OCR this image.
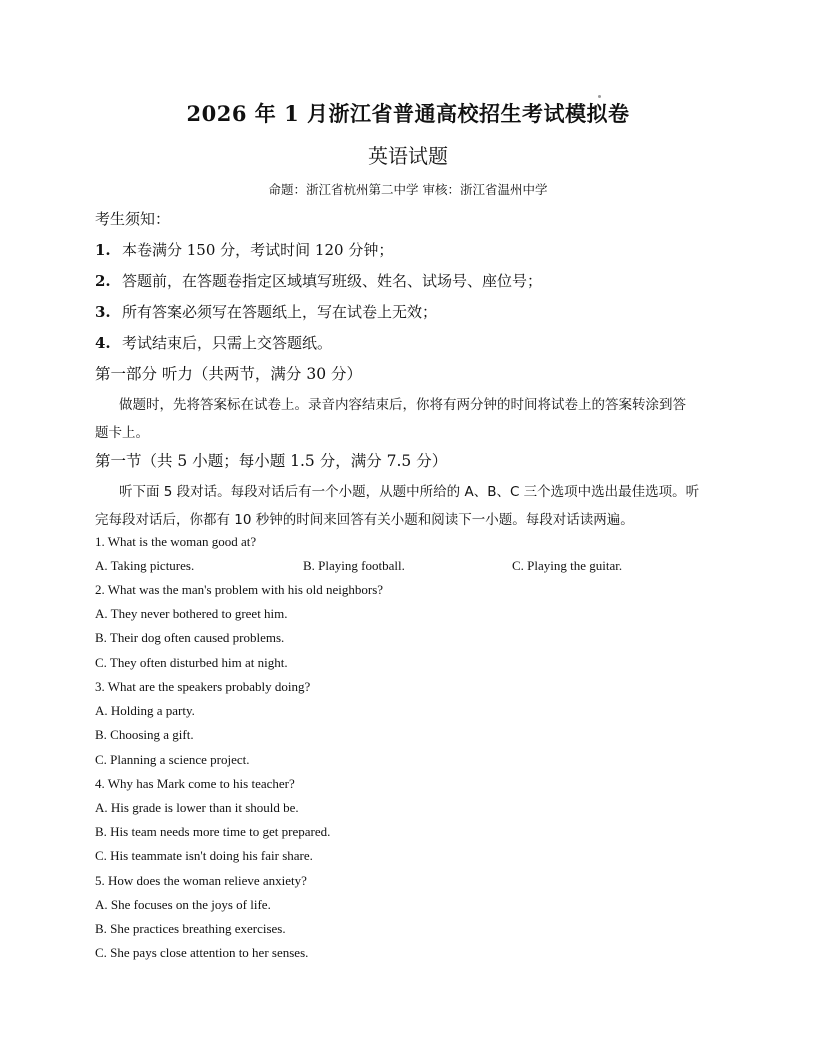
2026 年 1 月浙江省普通高校招生考试模拟卷
英语试题
命题：浙江省杭州第二中学 审核：浙江省温州中学
考生须知：
1. 本卷满分 150 分，考试时间 120 分钟；
2. 答题前，在答题卷指定区域填写班级、姓名、试场号、座位号；
3. 所有答案必须写在答题纸上，写在试卷上无效；
4. 考试结束后，只需上交答题纸。
第一部分 听力（共两节，满分 30 分）
做题时，先将答案标在试卷上。录音内容结束后，你将有两分钟的时间将试卷上的答案转涂到答
题卡上。
第一节（共 5 小题；每小题 1.5 分，满分 7.5 分）
听下面 5 段对话。每段对话后有一个小题，从题中所给的 A、B、C 三个选项中选出最佳选项。听
完每段对话后，你都有 10 秒钟的时间来回答有关小题和阅读下一小题。每段对话读两遍。
1. What is the woman good at?
A. Taking pictures.	B. Playing football.	C. Playing the guitar.
2. What was the man's problem with his old neighbors?
A. They never bothered to greet him.
B. Their dog often caused problems.
C. They often disturbed him at night.
3. What are the speakers probably doing?
A. Holding a party.
B. Choosing a gift.
C. Planning a science project.
4. Why has Mark come to his teacher?
A. His grade is lower than it should be.
B. His team needs more time to get prepared.
C. His teammate isn't doing his fair share.
5. How does the woman relieve anxiety?
A. She focuses on the joys of life.
B. She practices breathing exercises.
C. She pays close attention to her senses.
